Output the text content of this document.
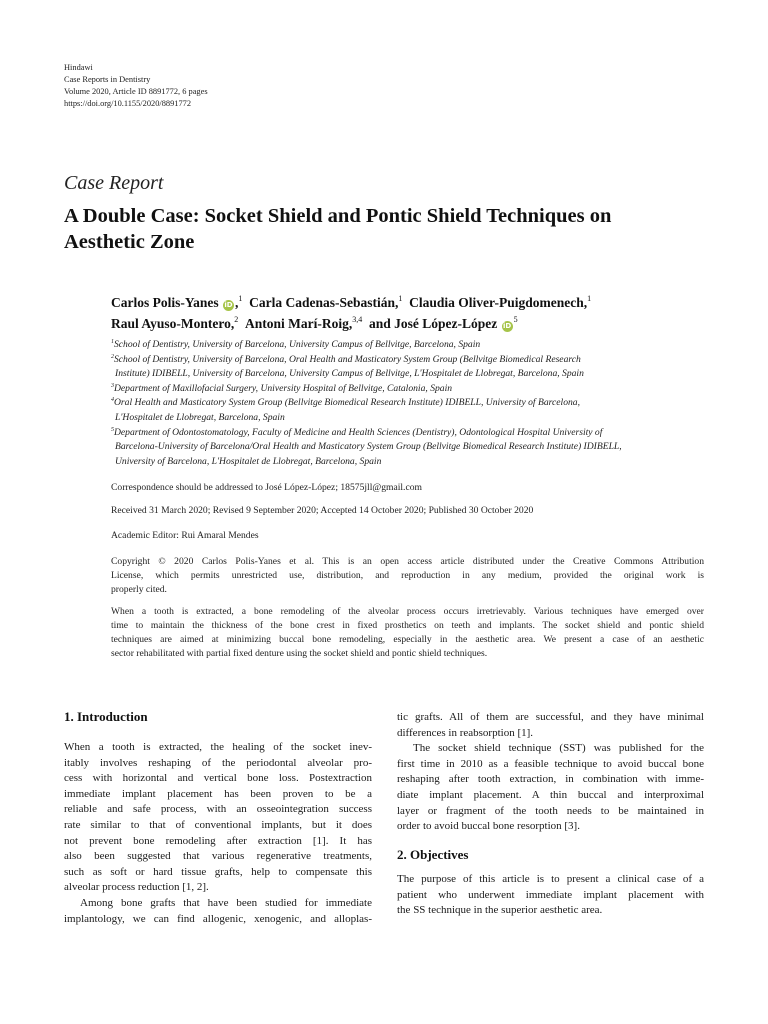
Hindawi
Case Reports in Dentistry
Volume 2020, Article ID 8891772, 6 pages
https://doi.org/10.1155/2020/8891772
Case Report
A Double Case: Socket Shield and Pontic Shield Techniques on
Aesthetic Zone
Carlos Polis-Yanes iD ,$^1$ Carla Cadenas-Sebastián,$^1$ Claudia Oliver-Puigdomenech,$^1$
Raul Ayuso-Montero,$^2$ Antoni Marí-Roig,$^{3,4}$ and José López-López $iD^5$
$^1$School of Dentistry, University of Barcelona, University Campus of Bellvitge, Barcelona, Spain
$^2$School of Dentistry, University of Barcelona, Oral Health and Masticatory System Group (Bellvitge Biomedical Research
Institute) IDIBELL, University of Barcelona, University Campus of Bellvitge, L'Hospitalet de Llobregat, Barcelona, Spain
$^3$Department of Maxillofacial Surgery, University Hospital of Bellvitge, Catalonia, Spain
$^4$Oral Health and Masticatory System Group (Bellvitge Biomedical Research Institute) IDIBELL, University of Barcelona,
L'Hospitalet de Llobregat, Barcelona, Spain
$^5$Department of Odontostomatology, Faculty of Medicine and Health Sciences (Dentistry), Odontological Hospital University of
Barcelona-University of Barcelona/Oral Health and Masticatory System Group (Bellvitge Biomedical Research Institute) IDIBELL,
University of Barcelona, L'Hospitalet de Llobregat, Barcelona, Spain
Correspondence should be addressed to José López-López; 18575jll@gmail.com
Received 31 March 2020; Revised 9 September 2020; Accepted 14 October 2020; Published 30 October 2020
Academic Editor: Rui Amaral Mendes
Copyright © 2020 Carlos Polis-Yanes et al. This is an open access article distributed under the Creative Commons Attribution
License, which permits unrestricted use, distribution, and reproduction in any medium, provided the original work is
properly cited.
When a tooth is extracted, a bone remodeling of the alveolar process occurs irretrievably. Various techniques have emerged over
time to maintain the thickness of the bone crest in fixed prosthetics on teeth and implants. The socket shield and pontic shield
techniques are aimed at minimizing buccal bone remodeling, especially in the aesthetic area. We present a case of an aesthetic
sector rehabilitated with partial fixed denture using the socket shield and pontic shield techniques.
1. Introduction
When a tooth is extracted, the healing of the socket inev-
itably involves reshaping of the periodontal alveolar pro-
cess with horizontal and vertical bone loss. Postextraction
immediate implant placement has been proven to be a
reliable and safe process, with an osseointegration success
rate similar to that of conventional implants, but it does
not prevent bone remodeling after extraction [1]. It has
also been suggested that various regenerative treatments,
such as soft or hard tissue grafts, help to compensate this
alveolar process reduction [1, 2].
Among bone grafts that have been studied for immediate
implantology, we can find allogenic, xenogenic, and alloplas-
tic grafts. All of them are successful, and they have minimal
differences in reabsorption [1].
The socket shield technique (SST) was published for the
first time in 2010 as a feasible technique to avoid buccal bone
reshaping after tooth extraction, in combination with imme-
diate implant placement. A thin buccal and interproximal
layer or fragment of the tooth needs to be maintained in
order to avoid buccal bone resorption [3].
2. Objectives
The purpose of this article is to present a clinical case of a
patient who underwent immediate implant placement with
the SS technique in the superior aesthetic area.
